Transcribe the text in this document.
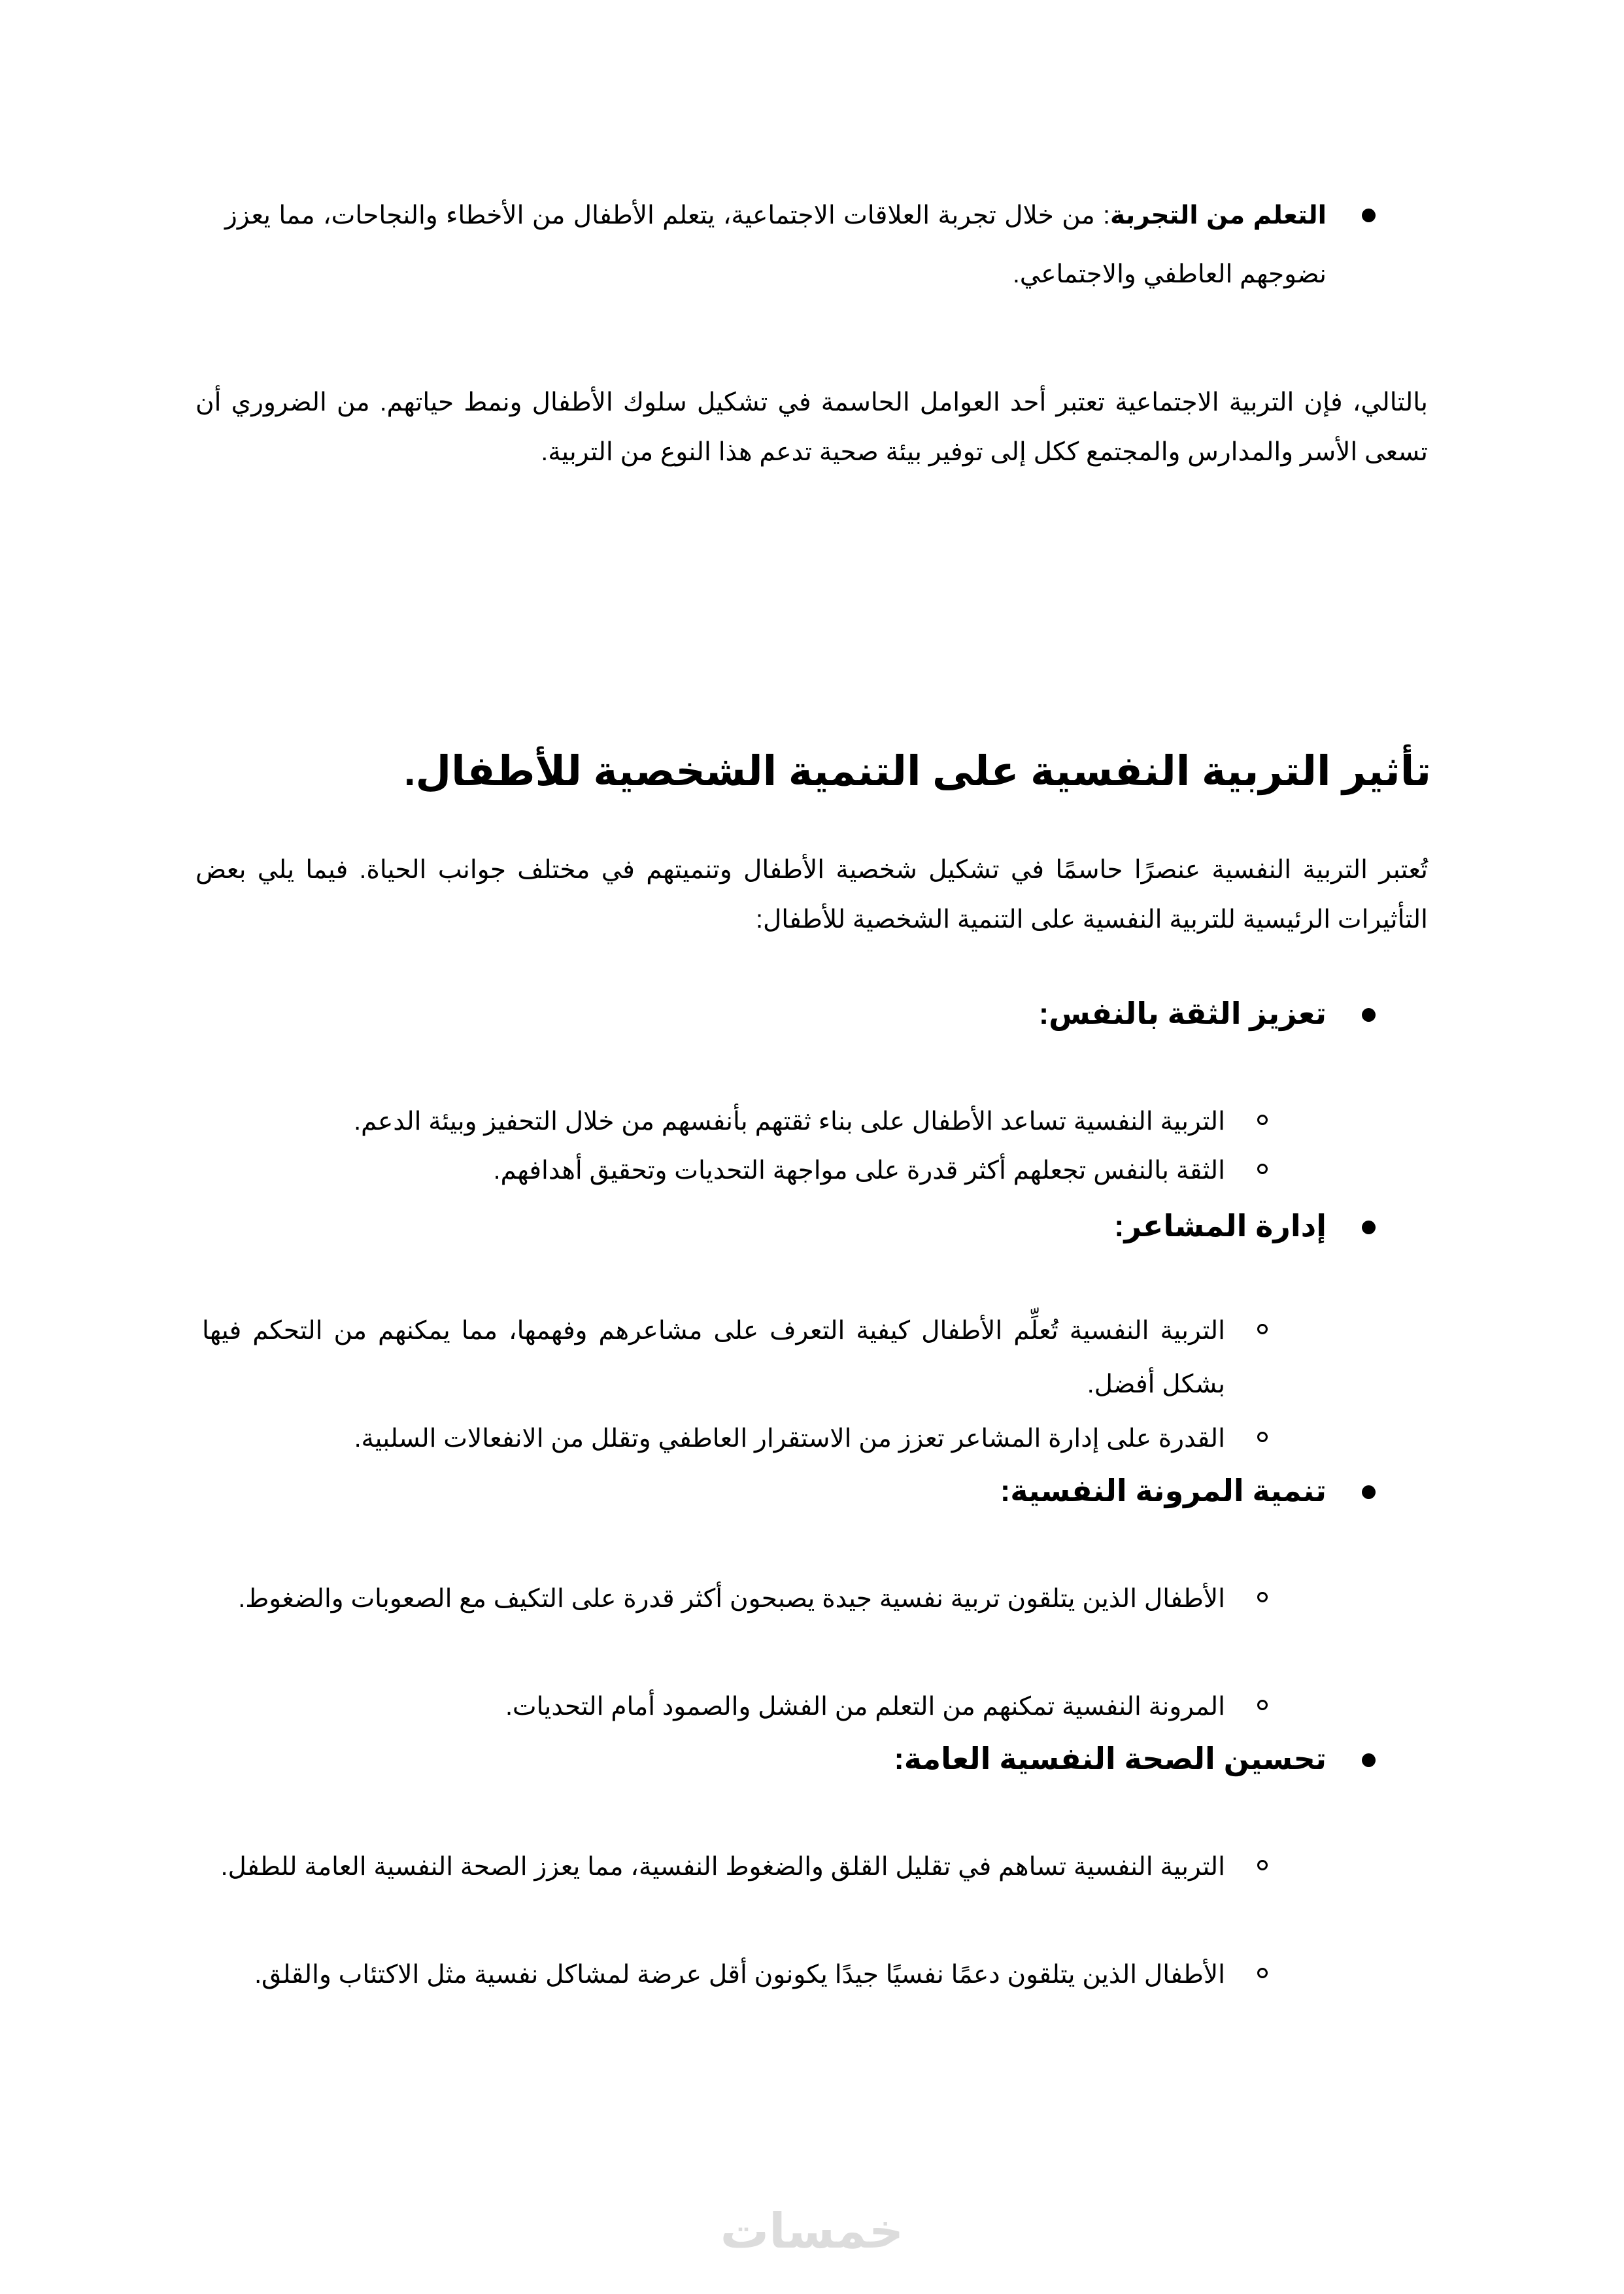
التعلم من التجربة: من خلال تجربة العلاقات الاجتماعية، يتعلم الأطفال من الأخطاء والنجاحات، مما يعزز نضوجهم العاطفي والاجتماعي.
بالتالي، فإن التربية الاجتماعية تعتبر أحد العوامل الحاسمة في تشكيل سلوك الأطفال ونمط حياتهم. من الضروري أن تسعى الأسر والمدارس والمجتمع ككل إلى توفير بيئة صحية تدعم هذا النوع من التربية.
تأثير التربية النفسية على التنمية الشخصية للأطفال.
تُعتبر التربية النفسية عنصرًا حاسمًا في تشكيل شخصية الأطفال وتنميتهم في مختلف جوانب الحياة. فيما يلي بعض التأثيرات الرئيسية للتربية النفسية على التنمية الشخصية للأطفال:
تعزيز الثقة بالنفس:
التربية النفسية تساعد الأطفال على بناء ثقتهم بأنفسهم من خلال التحفيز وبيئة الدعم.
الثقة بالنفس تجعلهم أكثر قدرة على مواجهة التحديات وتحقيق أهدافهم.
إدارة المشاعر:
التربية النفسية تُعلِّم الأطفال كيفية التعرف على مشاعرهم وفهمها، مما يمكنهم من التحكم فيها بشكل أفضل.
القدرة على إدارة المشاعر تعزز من الاستقرار العاطفي وتقلل من الانفعالات السلبية.
تنمية المرونة النفسية:
الأطفال الذين يتلقون تربية نفسية جيدة يصبحون أكثر قدرة على التكيف مع الصعوبات والضغوط.
المرونة النفسية تمكنهم من التعلم من الفشل والصمود أمام التحديات.
تحسين الصحة النفسية العامة:
التربية النفسية تساهم في تقليل القلق والضغوط النفسية، مما يعزز الصحة النفسية العامة للطفل.
الأطفال الذين يتلقون دعمًا نفسيًا جيدًا يكونون أقل عرضة لمشاكل نفسية مثل الاكتئاب والقلق.
خمسات
